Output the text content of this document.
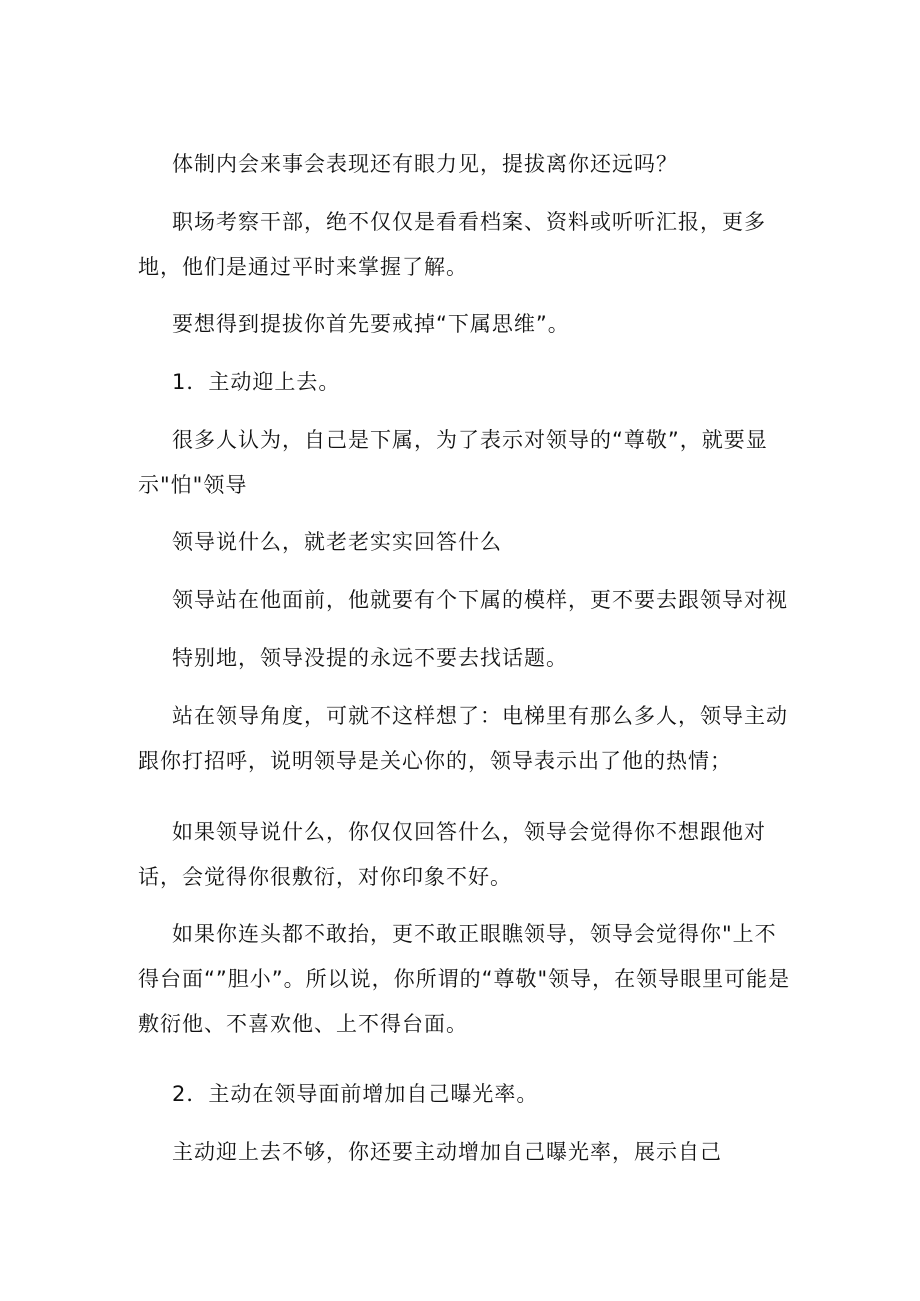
体制内会来事会表现还有眼力见，提拔离你还远吗？

职场考察干部，绝不仅仅是看看档案、资料或听听汇报，更多地，他们是通过平时来掌握了解。

要想得到提拔你首先要戒掉“下属思维”。

1．主动迎上去。

很多人认为，自己是下属，为了表示对领导的“尊敬”，就要显示"怕"领导

领导说什么，就老老实实回答什么

领导站在他面前，他就要有个下属的模样，更不要去跟领导对视

特别地，领导没提的永远不要去找话题。

站在领导角度，可就不这样想了：电梯里有那么多人，领导主动跟你打招呼，说明领导是关心你的，领导表示出了他的热情；

如果领导说什么，你仅仅回答什么，领导会觉得你不想跟他对话，会觉得你很敷衍，对你印象不好。

如果你连头都不敢抬，更不敢正眼瞧领导，领导会觉得你"上不得台面“”胆小”。所以说，你所谓的“尊敬"领导，在领导眼里可能是敷衍他、不喜欢他、上不得台面。

2．主动在领导面前增加自己曝光率。

主动迎上去不够，你还要主动增加自己曝光率，展示自己
